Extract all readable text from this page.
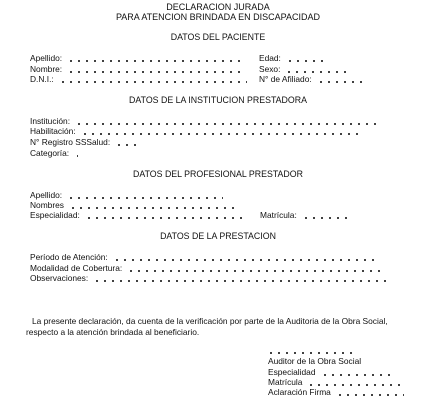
DECLARACION JURADA
PARA ATENCION BRINDADA EN DISCAPACIDAD
DATOS DEL PACIENTE
Apellido:
Nombre:
D.N.I.:
Edad:
Sexo:
N° de Afiliado:
DATOS DE LA INSTITUCION PRESTADORA
Institución:
Habilitación:
N° Registro SSSalud:
Categoría:
DATOS DEL PROFESIONAL PRESTADOR
Apellido:
Nombres
Especialidad:	Matrícula:
DATOS DE LA PRESTACION
Período de Atención:
Modalidad de Cobertura:
Observaciones:
La presente declaración, da cuenta de la verificación por parte de la Auditoria de la Obra Social,
respecto a la atención brindada al beneficiario.
Auditor de la Obra Social
Especialidad
Matrícula
Aclaración Firma
